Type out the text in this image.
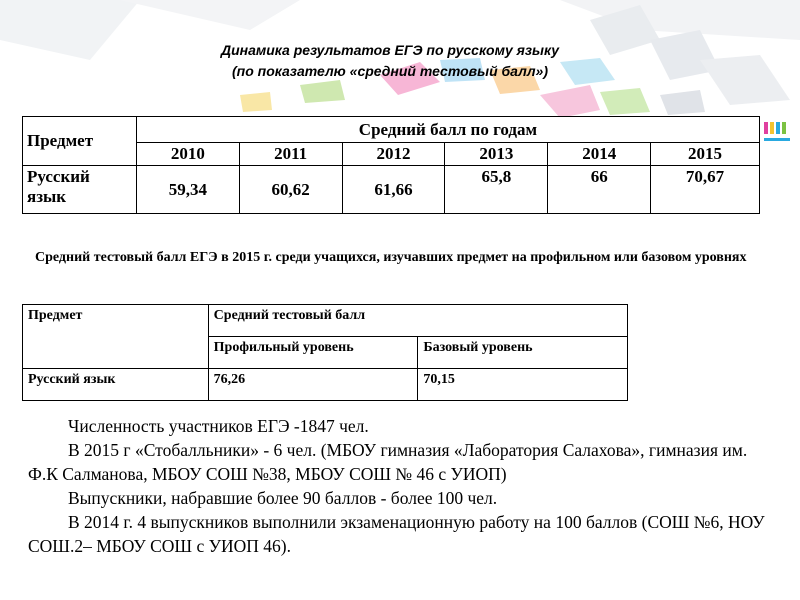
Динамика результатов ЕГЭ по русскому языку
(по показателю «средний тестовый балл»)
Предмет	Средний балл по годам					
	2010	2011	2012	2013	2014	2015
Русский язык	59,34	60,62	61,66	65,8	66	70,67
Средний тестовый балл ЕГЭ в 2015 г. среди учащихся, изучавших предмет на профильном или базовом уровнях
Предмет	Средний тестовый балл	
	Профильный уровень	Базовый уровень
Русский язык	76,26	70,15

Численность участников ЕГЭ -1847 чел.

В 2015 г «Стобалльники» - 6 чел. (МБОУ гимназия «Лаборатория Салахова», гимназия им. Ф.К Салманова, МБОУ СОШ №38, МБОУ СОШ № 46 с УИОП)

Выпускники, набравшие более 90 баллов - более 100 чел.

В 2014 г. 4 выпускников выполнили экзаменационную работу на 100 баллов (СОШ №6, НОУ СОШ.2– МБОУ СОШ с УИОП 46).
